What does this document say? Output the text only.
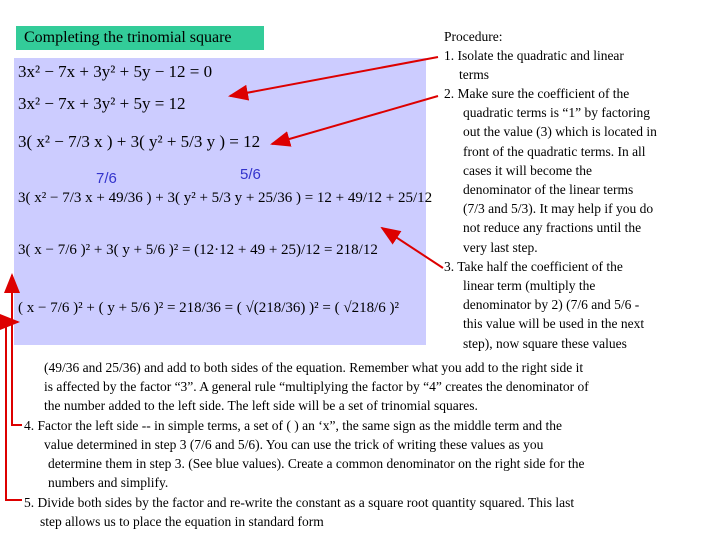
Completing the trinomial square
3x² − 7x + 3y² + 5y − 12 = 0
3x² − 7x + 3y² + 5y = 12
3( x² − 7/3 x ) + 3( y² + 5/3 y ) = 12
3( x² − 7/3 x + 49/36 ) + 3( y² + 5/3 y + 25/36 ) = 12 + 49/12 + 25/12
3( x − 7/6 )² + 3( y + 5/6 )² = (12·12 + 49 + 25)/12 = 218/12
( x − 7/6 )² + ( y + 5/6 )² = 218/36 = ( √(218/36) )² = ( √218/6 )²
7/6	5/6
Procedure:
1. Isolate the quadratic and linear
terms
2. Make sure the coefficient of the
quadratic terms is “1” by factoring
out the value (3) which is located in
front of the quadratic terms. In all
cases it will become the
denominator of the linear terms
(7/3 and 5/3). It may help if you do
not reduce any fractions until the
very last step.
3. Take half the coefficient of the
linear term (multiply the
denominator by 2) (7/6 and 5/6 -
this value will be used in the next
step), now square these values
(49/36 and 25/36) and add to both sides of the equation. Remember what you add to the right side it
is affected by the factor “3”. A general rule “multiplying the factor by “4” creates the denominator of
the number added to the left side. The left side will be a set of trinomial squares.
4. Factor the left side -- in simple terms, a set of ( ) an ‘x”, the same sign as the middle term and the
value determined in step 3 (7/6 and 5/6). You can use the trick of writing these values as you
determine them in step 3. (See blue values). Create a common denominator on the right side for the
numbers and simplify.
5. Divide both sides by the factor and re-write the constant as a square root quantity squared. This last
step allows us to place the equation in standard form
